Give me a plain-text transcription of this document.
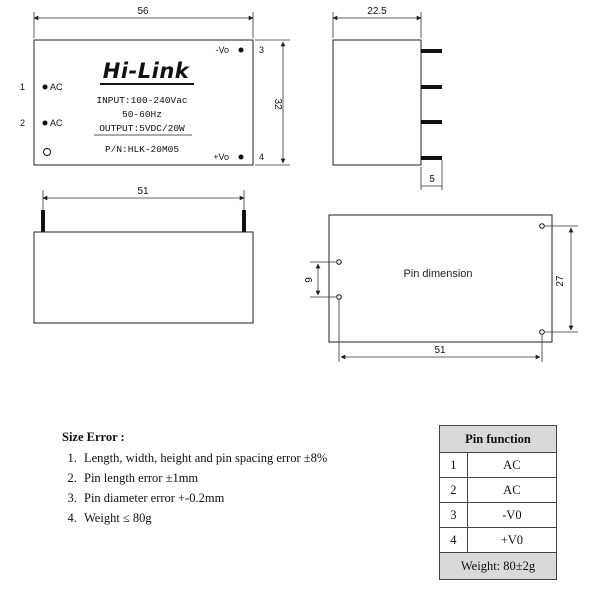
56
Hi-Link
INPUT:100-240Vac
50-60Hz
OUTPUT:5VDC/20W
P/N:HLK-20M05
1	AC
2	AC
-Vo	3
+Vo	4
32
22.5
5
51
Pin dimension
9	27
51
Size Error :
1. Length, width, height and pin spacing error ±8%
2. Pin length error ±1mm
3. Pin diameter error +-0.2mm
4. Weight ≤ 80g
Pin function	
1	AC
2	AC
3	-V0
4	+V0
Weight: 80±2g	
